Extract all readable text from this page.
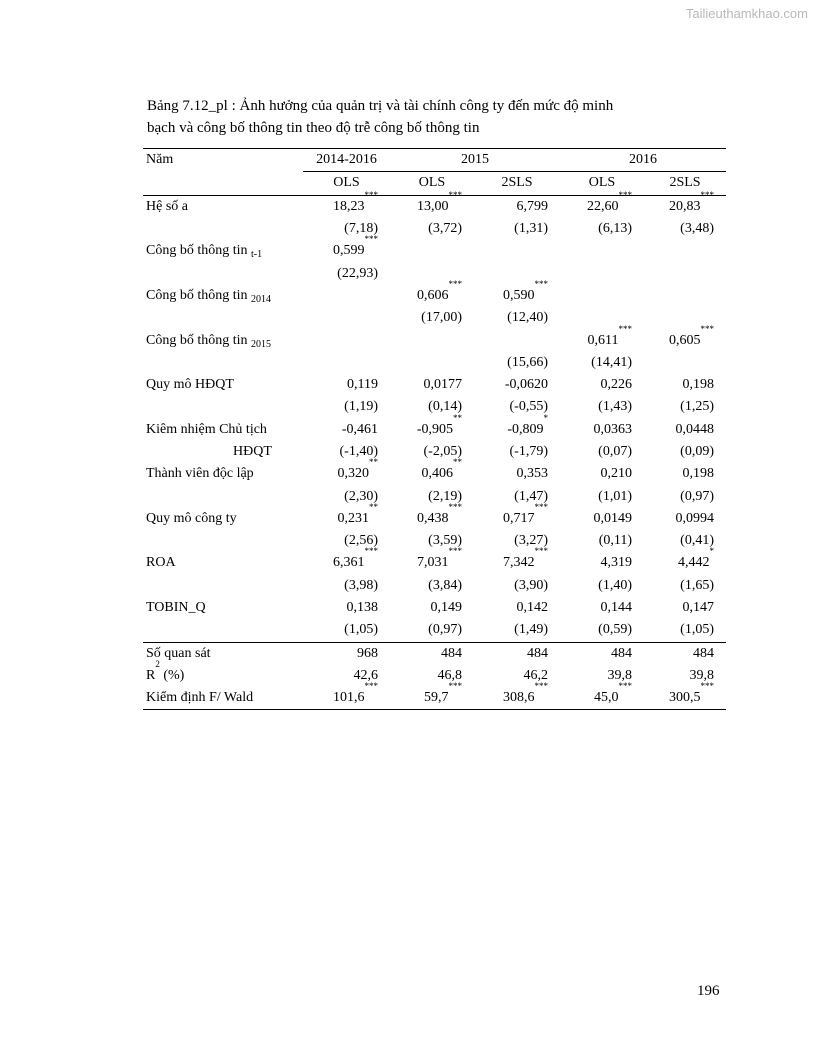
Tailieuthamkhao.com
Bảng 7.12_pl : Ảnh hưởng của quản trị và tài chính công ty đến mức độ minh
bạch và công bố thông tin theo độ trễ công bố thông tin
Năm	2014-2016	2015		2016	
	OLS	OLS	2SLS	OLS	2SLS
Hệ số a	18,23***	13,00***	6,799	22,60***	20,83***
	(7,18)	(3,72)	(1,31)	(6,13)	(3,48)
Công bố thông tin $_{t-1}$	0,599***				
	(22,93)				
Công bố thông tin $_{2014}$		0,606***	0,590***		
		(17,00)	(12,40)		
Công bố thông tin $_{2015}$				0,611***	0,605***
			(15,66)	(14,41)	
Quy mô HĐQT	0,119	0,0177	-0,0620	0,226	0,198
	(1,19)	(0,14)	(-0,55)	(1,43)	(1,25)
Kiêm nhiệm Chủ tịch	-0,461	-0,905**	-0,809*	0,0363	0,0448
HĐQT	(-1,40)	(-2,05)	(-1,79)	(0,07)	(0,09)
Thành viên độc lập	0,320**	0,406**	0,353	0,210	0,198
	(2,30)	(2,19)	(1,47)	(1,01)	(0,97)
Quy mô công ty	0,231**	0,438***	0,717***	0,0149	0,0994
	(2,56)	(3,59)	(3,27)	(0,11)	(0,41)
ROA	6,361***	7,031***	7,342***	4,319	4,442*
	(3,98)	(3,84)	(3,90)	(1,40)	(1,65)
TOBIN_Q	0,138	0,149	0,142	0,144	0,147
	(1,05)	(0,97)	(1,49)	(0,59)	(1,05)
Số quan sát	968	484	484	484	484
$R^2$ (%)	42,6	46,8	46,2	39,8	39,8
Kiểm định F/ Wald	101,6***	59,7***	308,6***	45,0***	300,5***
196
